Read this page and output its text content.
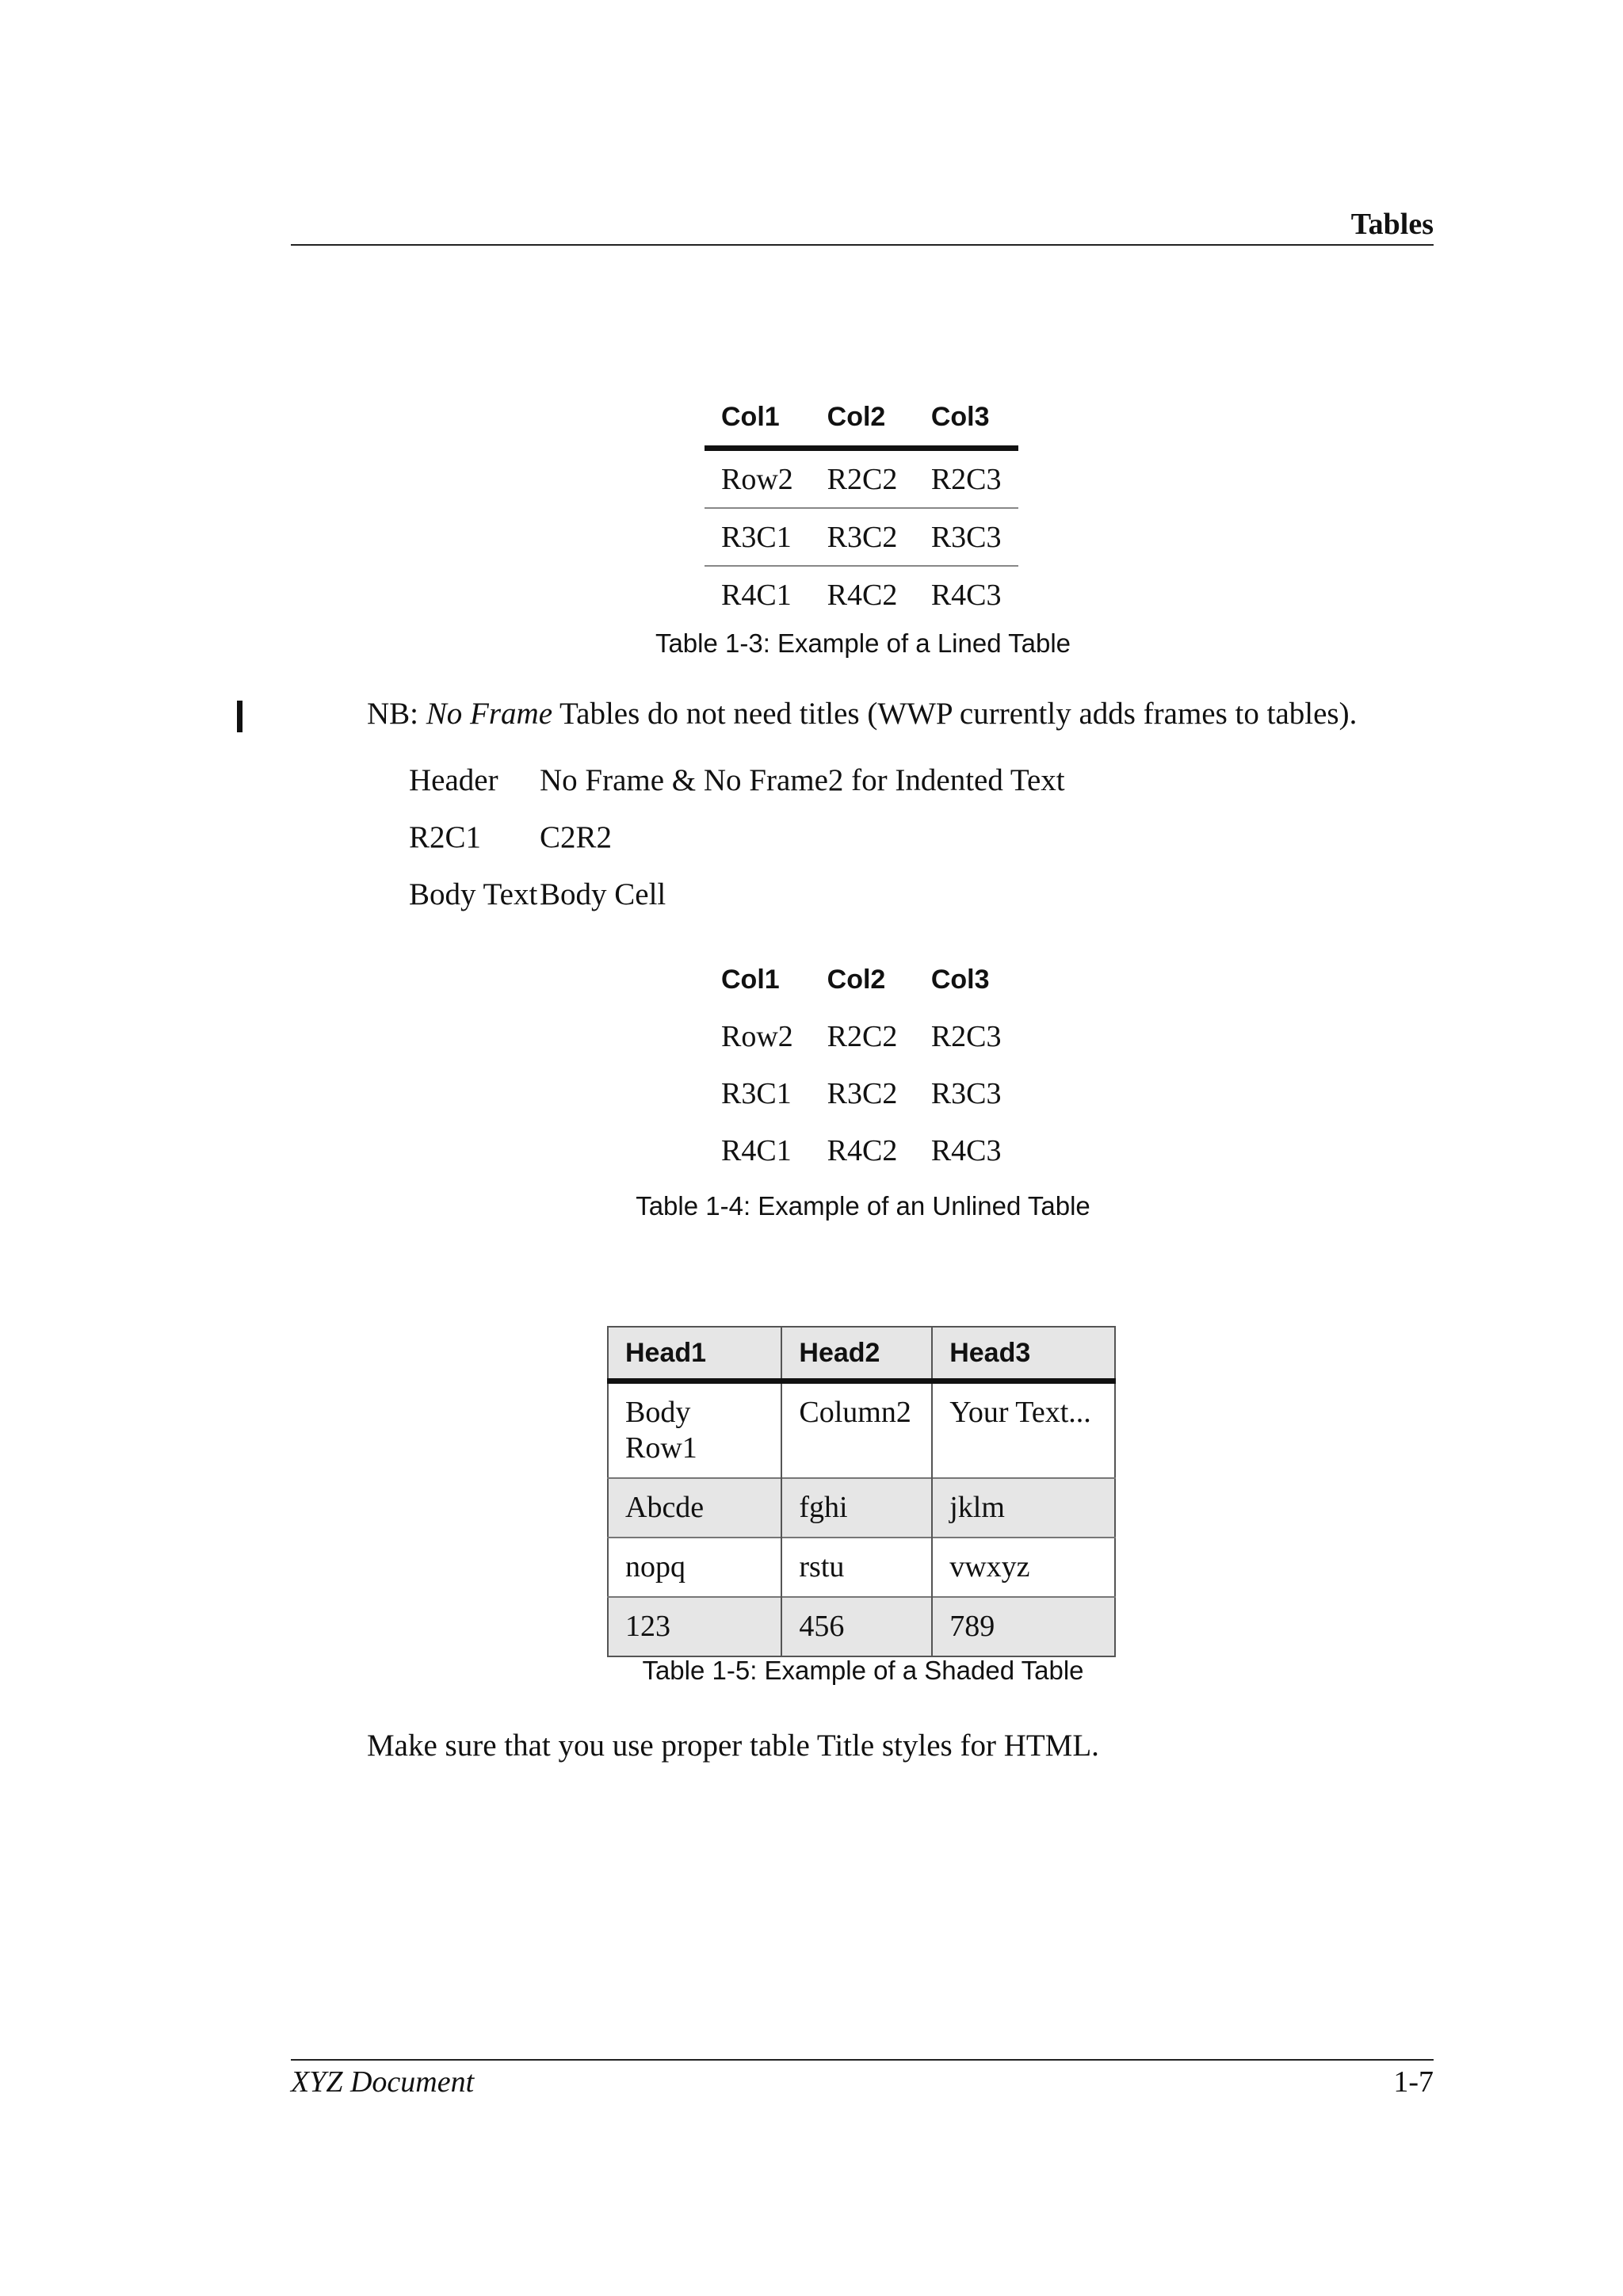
Tables
Col1	Col2	Col3
Row2	R2C2	R2C3
R3C1	R3C2	R3C3
R4C1	R4C2	R4C3
Table 1-3: Example of a Lined Table
NB: No Frame Tables do not need titles (WWP currently adds frames to tables).
Header	No Frame & No Frame2 for Indented Text
R2C1	C2R2
Body Text	Body Cell
Col1	Col2	Col3
Row2	R2C2	R2C3
R3C1	R3C2	R3C3
R4C1	R4C2	R4C3
Table 1-4: Example of an Unlined Table
Head1	Head2	Head3
Body Row1	Column2	Your Text...
Abcde	fghi	jklm
nopq	rstu	vwxyz
123	456	789
Table 1-5: Example of a Shaded Table
Make sure that you use proper table Title styles for HTML.
XYZ Document	1-7
